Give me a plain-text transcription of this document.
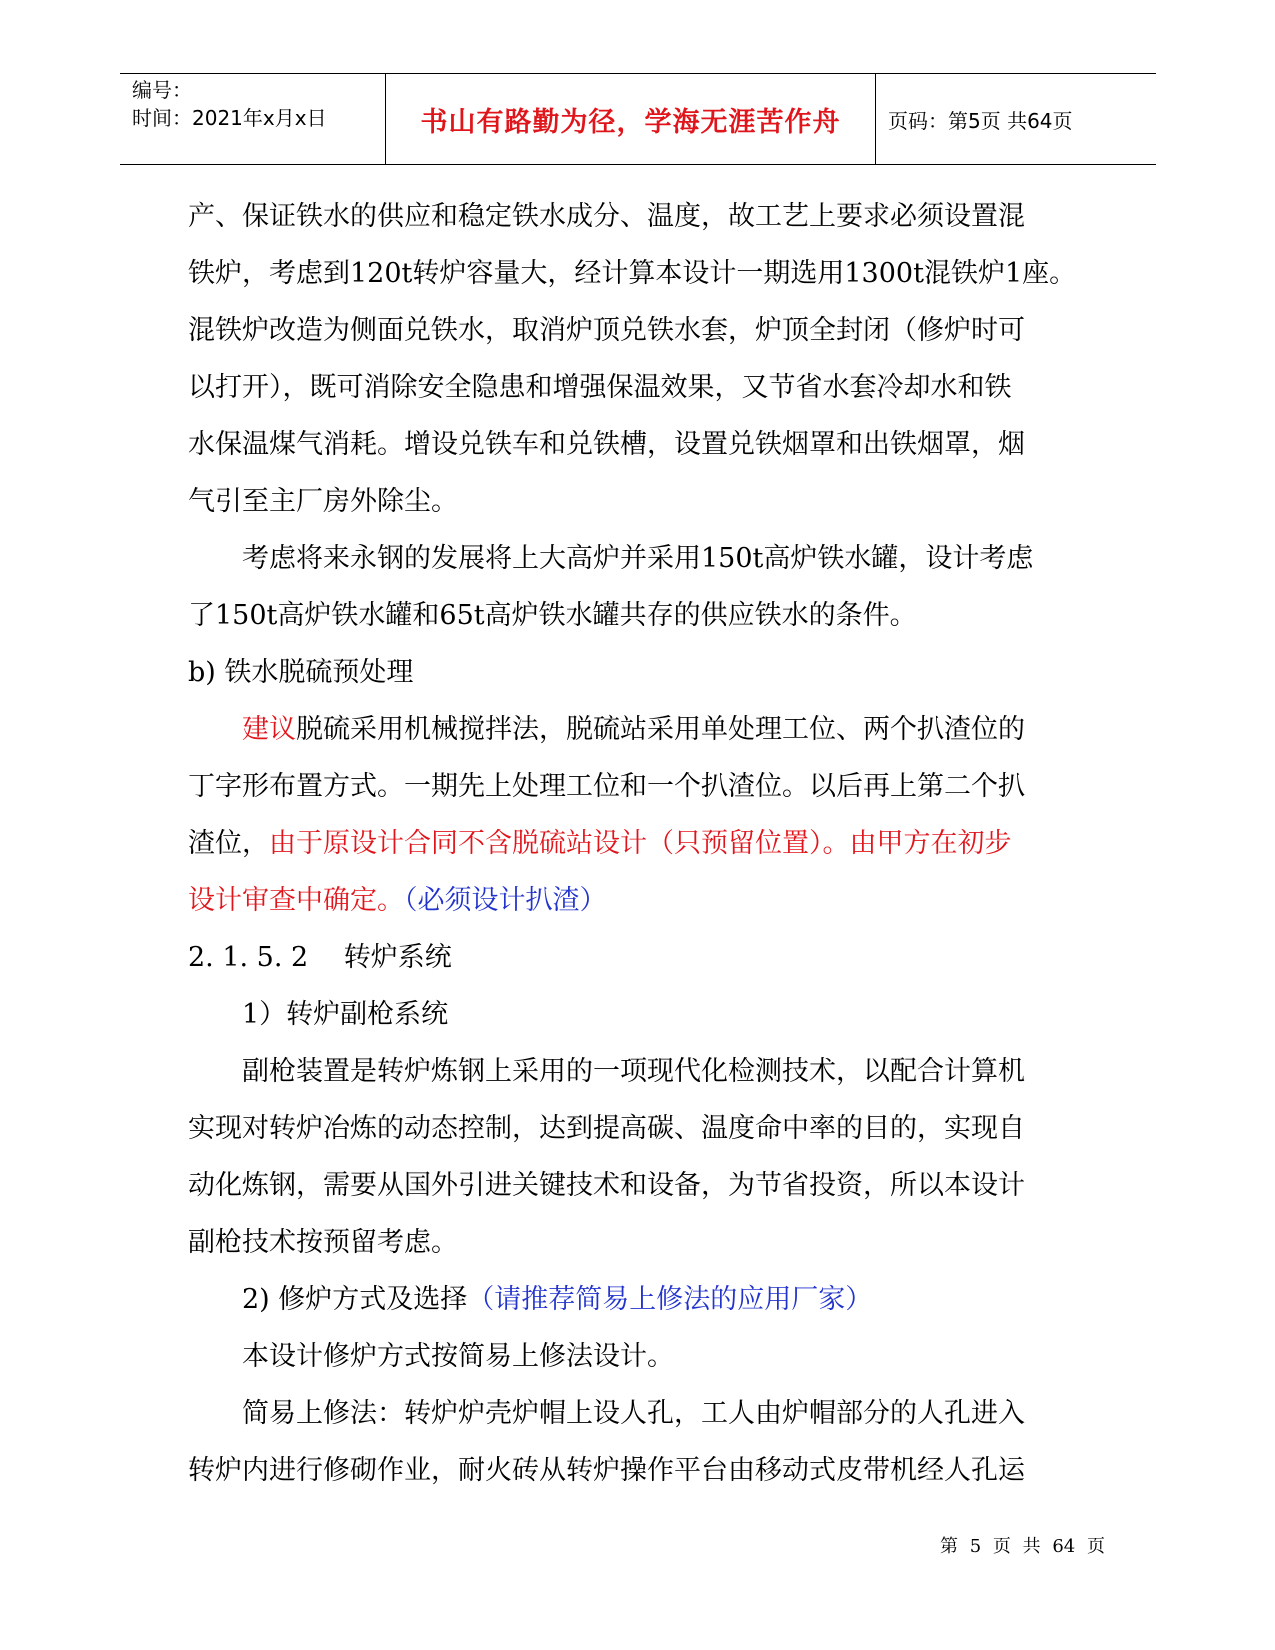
编号：
时间：2021年x月x日	书山有路勤为径，学海无涯苦作舟	页码：第5页 共64页

产、保证铁水的供应和稳定铁水成分、温度，故工艺上要求必须设置混

铁炉，考虑到120t转炉容量大，经计算本设计一期选用1300t混铁炉1座。

混铁炉改造为侧面兑铁水，取消炉顶兑铁水套，炉顶全封闭（修炉时可

以打开），既可消除安全隐患和增强保温效果，又节省水套冷却水和铁

水保温煤气消耗。增设兑铁车和兑铁槽，设置兑铁烟罩和出铁烟罩，烟

气引至主厂房外除尘。

　　考虑将来永钢的发展将上大高炉并采用150t高炉铁水罐，设计考虑

了150t高炉铁水罐和65t高炉铁水罐共存的供应铁水的条件。

b) 铁水脱硫预处理

　　建议脱硫采用机械搅拌法，脱硫站采用单处理工位、两个扒渣位的

丁字形布置方式。一期先上处理工位和一个扒渣位。以后再上第二个扒

渣位，由于原设计合同不含脱硫站设计（只预留位置）。由甲方在初步

设计审查中确定。（必须设计扒渣）

2. 1. 5. 2　 转炉系统

　　1）转炉副枪系统

　　副枪装置是转炉炼钢上采用的一项现代化检测技术，以配合计算机

实现对转炉冶炼的动态控制，达到提高碳、温度命中率的目的，实现自

动化炼钢，需要从国外引进关键技术和设备，为节省投资，所以本设计

副枪技术按预留考虑。

　　2) 修炉方式及选择（请推荐简易上修法的应用厂家）

　　本设计修炉方式按简易上修法设计。

　　简易上修法：转炉炉壳炉帽上设人孔，工人由炉帽部分的人孔进入

转炉内进行修砌作业，耐火砖从转炉操作平台由移动式皮带机经人孔运

第 5 页 共 64 页
